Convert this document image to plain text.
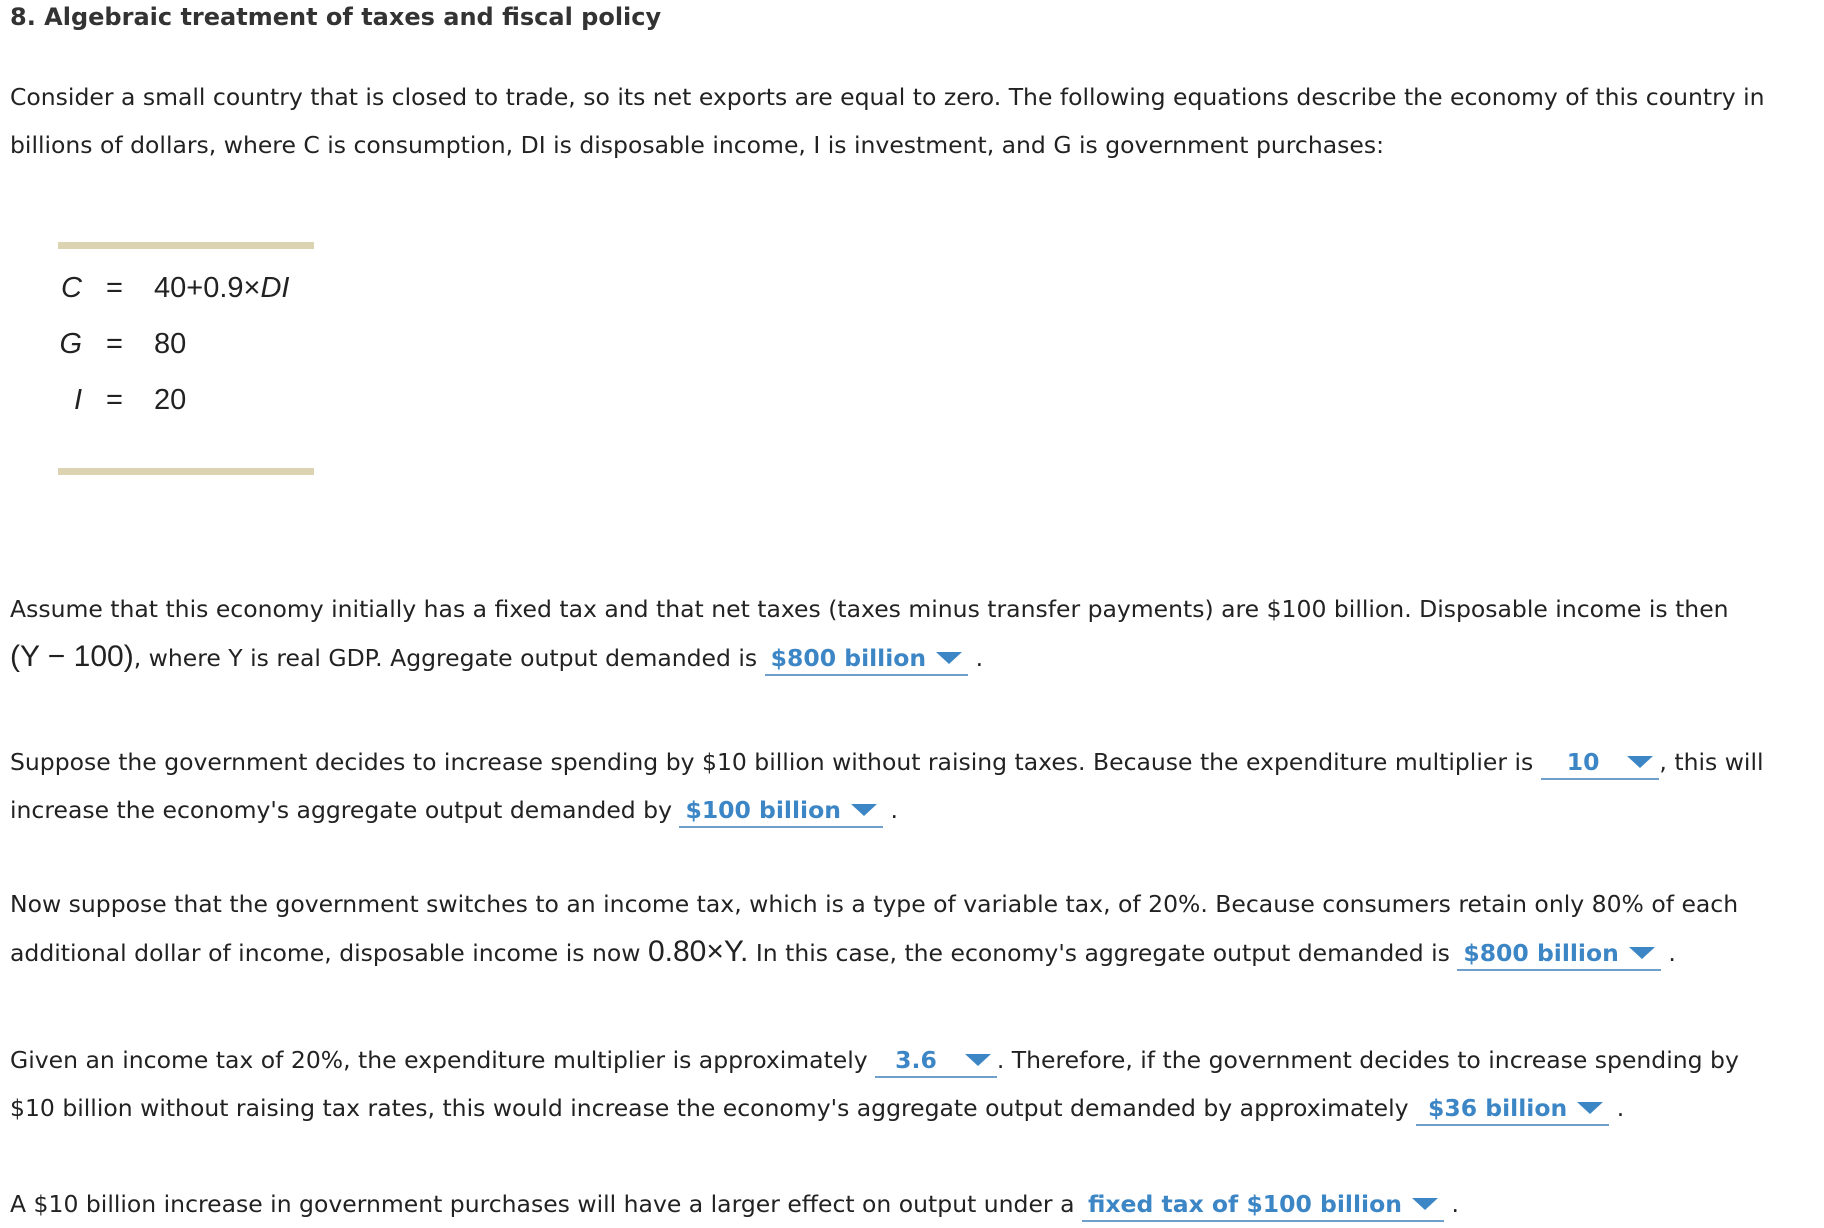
8. Algebraic treatment of taxes and fiscal policy
Consider a small country that is closed to trade, so its net exports are equal to zero. The following equations describe the economy of this country in
billions of dollars, where C is consumption, DI is disposable income, I is investment, and G is government purchases:
C = 40+0.9×DI
G = 80
I = 20
Assume that this economy initially has a fixed tax and that net taxes (taxes minus transfer payments) are $100 billion. Disposable income is then
(Y − 100), where Y is real GDP. Aggregate output demanded is $800 billion .
Suppose the government decides to increase spending by $10 billion without raising taxes. Because the expenditure multiplier is 10	, this will
increase the economy's aggregate output demanded by $100 billion .
Now suppose that the government switches to an income tax, which is a type of variable tax, of 20%. Because consumers retain only 80% of each
additional dollar of income, disposable income is now 0.80×Y. In this case, the economy's aggregate output demanded is $800 billion .
Given an income tax of 20%, the expenditure multiplier is approximately 3.6	. Therefore, if the government decides to increase spending by
$10 billion without raising tax rates, this would increase the economy's aggregate output demanded by approximately $36 billion .
A $10 billion increase in government purchases will have a larger effect on output under a fixed tax of $100 billion .
